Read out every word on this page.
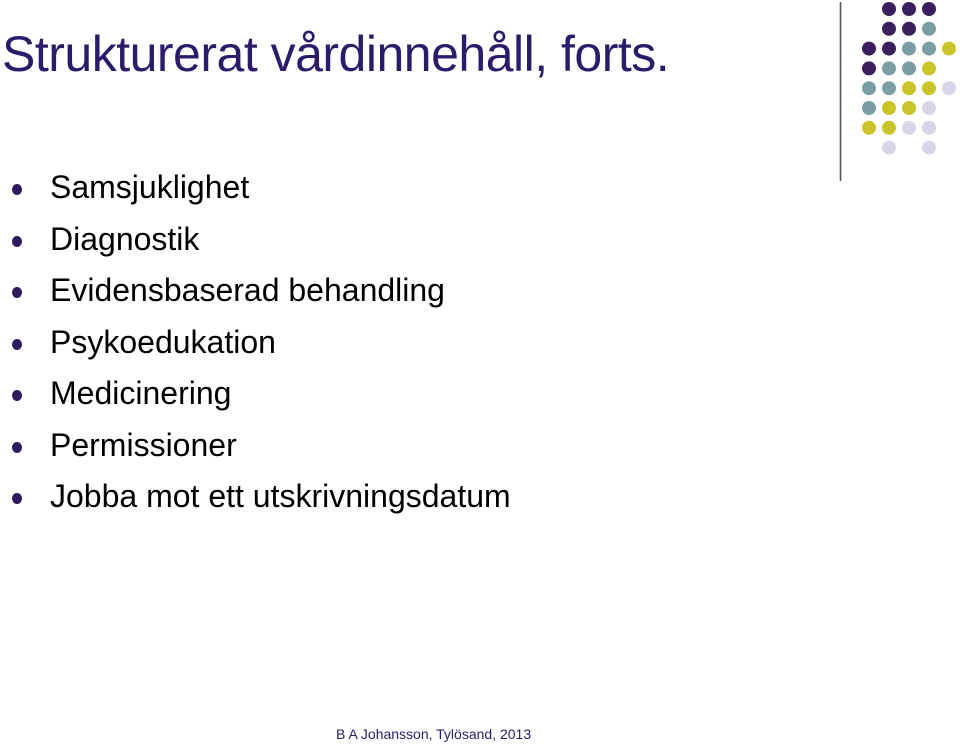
Strukturerat vårdinnehåll, forts.
Samsjuklighet
Diagnostik
Evidensbaserad behandling
Psykoedukation
Medicinering
Permissioner
Jobba mot ett utskrivningsdatum
B A Johansson, Tylösand, 2013
